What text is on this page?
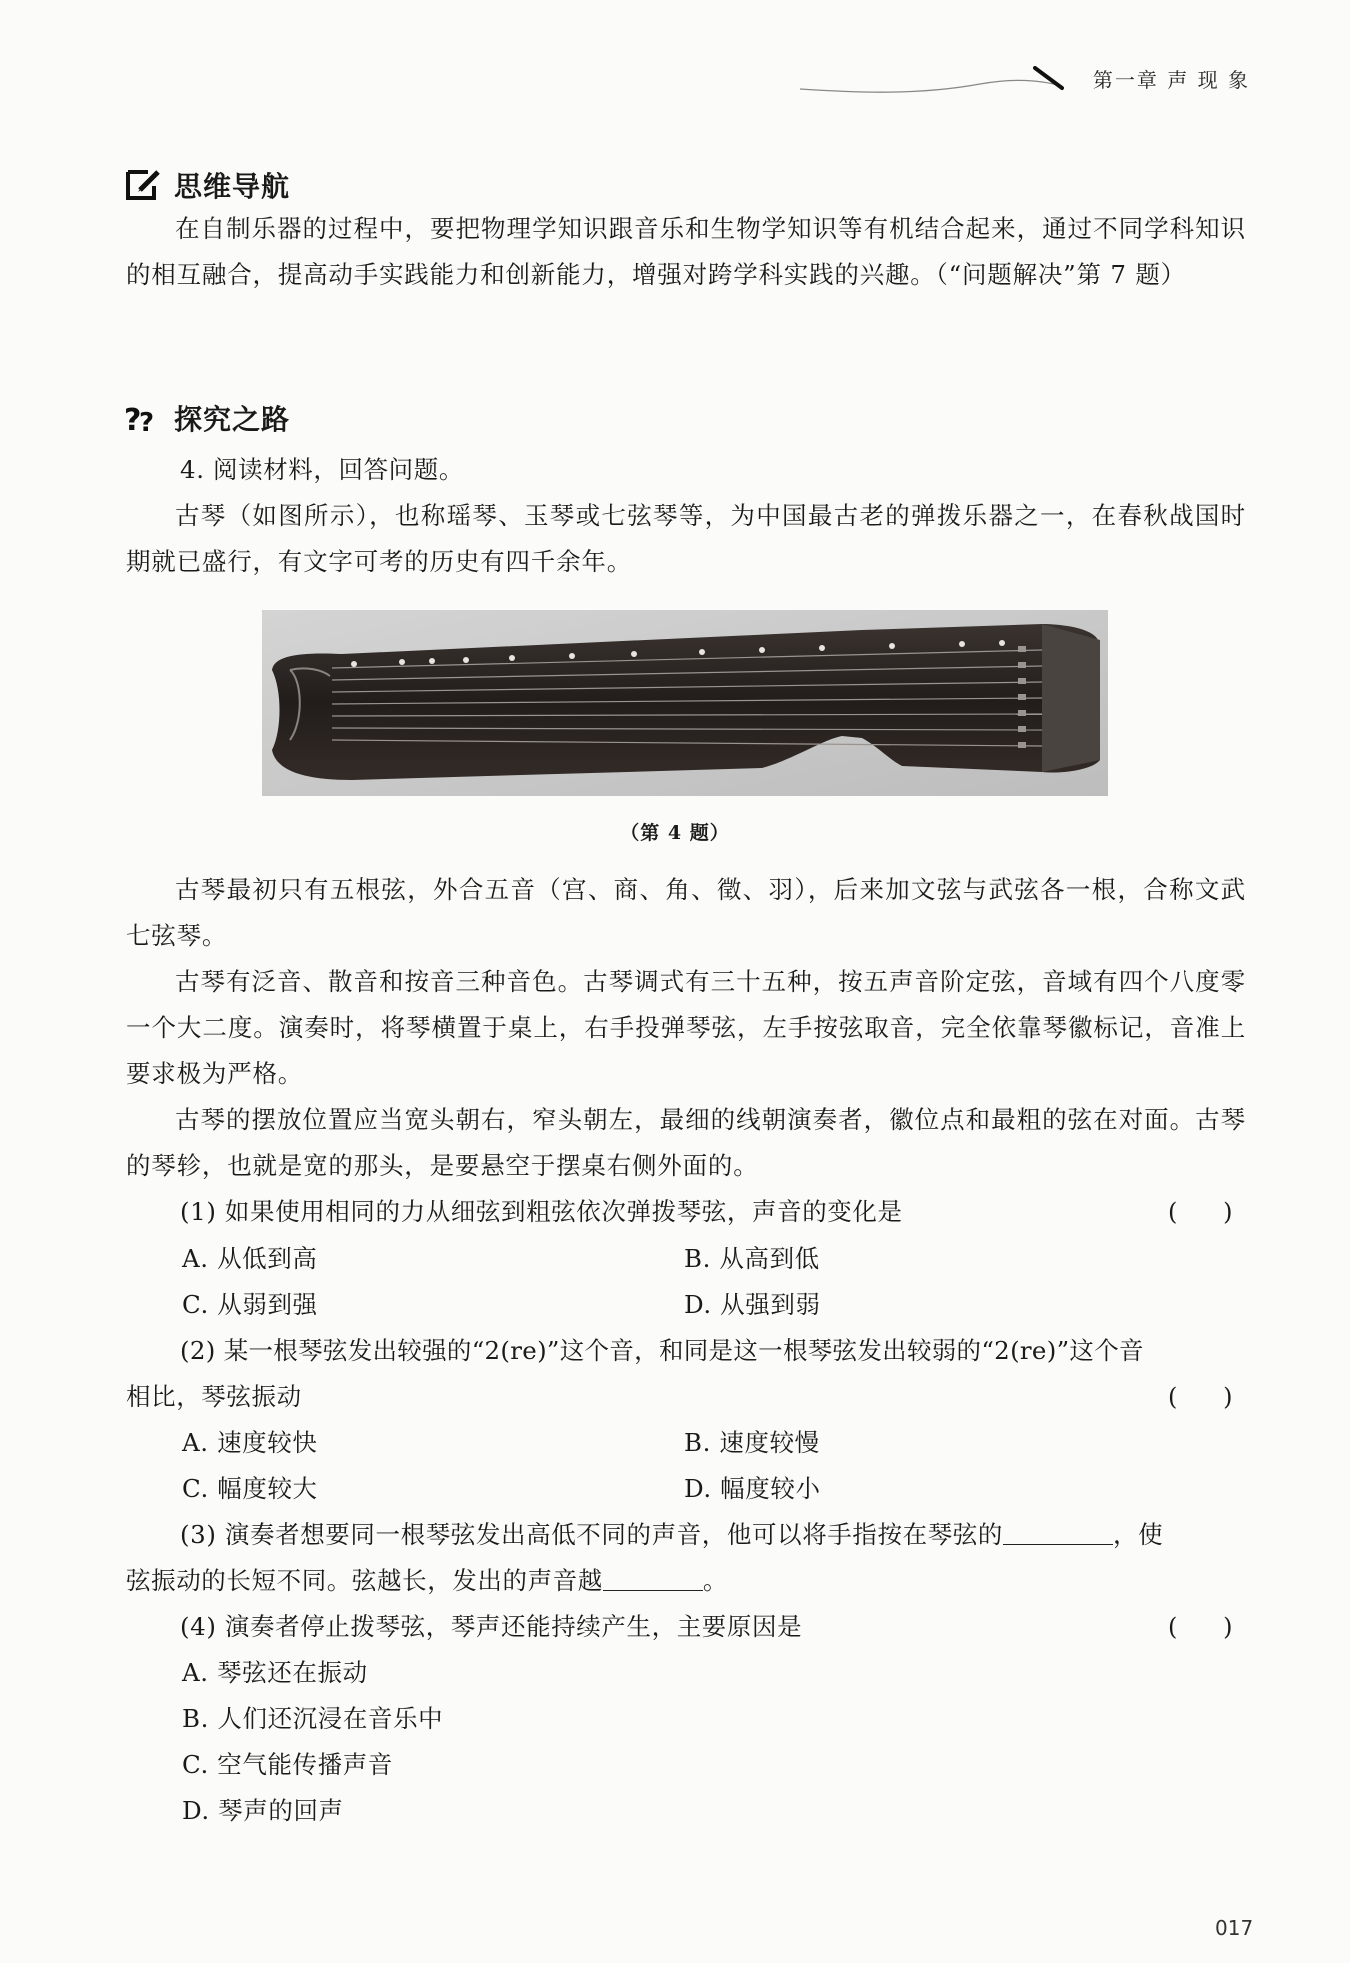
第一章 声 现 象
思维导航

在自制乐器的过程中，要把物理学知识跟音乐和生物学知识等有机结合起来，通过不同学科知识的相互融合，提高动手实践能力和创新能力，增强对跨学科实践的兴趣。（“问题解决”第 7 题）

?
? 探究之路
4. 阅读材料，回答问题。

古琴（如图所示），也称瑶琴、玉琴或七弦琴等，为中国最古老的弹拨乐器之一，在春秋战国时期就已盛行，有文字可考的历史有四千余年。

（第 4 题）

古琴最初只有五根弦，外合五音（宫、商、角、徵、羽），后来加文弦与武弦各一根，合称文武七弦琴。

古琴有泛音、散音和按音三种音色。古琴调式有三十五种，按五声音阶定弦，音域有四个八度零一个大二度。演奏时，将琴横置于桌上，右手投弹琴弦，左手按弦取音，完全依靠琴徽标记，音准上要求极为严格。

古琴的摆放位置应当宽头朝右，窄头朝左，最细的线朝演奏者，徽位点和最粗的弦在对面。古琴的琴轸，也就是宽的那头，是要悬空于摆桌右侧外面的。

(1) 如果使用相同的力从细弦到粗弦依次弹拨琴弦，声音的变化是	(      )
A. 从低到高	B. 从高到低
C. 从弱到强	D. 从强到弱
(2) 某一根琴弦发出较强的“2(re)”这个音，和同是这一根琴弦发出较弱的“2(re)”这个音
相比，琴弦振动	(      )
A. 速度较快	B. 速度较慢
C. 幅度较大	D. 幅度较小
(3) 演奏者想要同一根琴弦发出高低不同的声音，他可以将手指按在琴弦的	，使
弦振动的长短不同。弦越长，发出的声音越	。
(4) 演奏者停止拨琴弦，琴声还能持续产生，主要原因是	(      )
A. 琴弦还在振动
B. 人们还沉浸在音乐中
C. 空气能传播声音
D. 琴声的回声
017
